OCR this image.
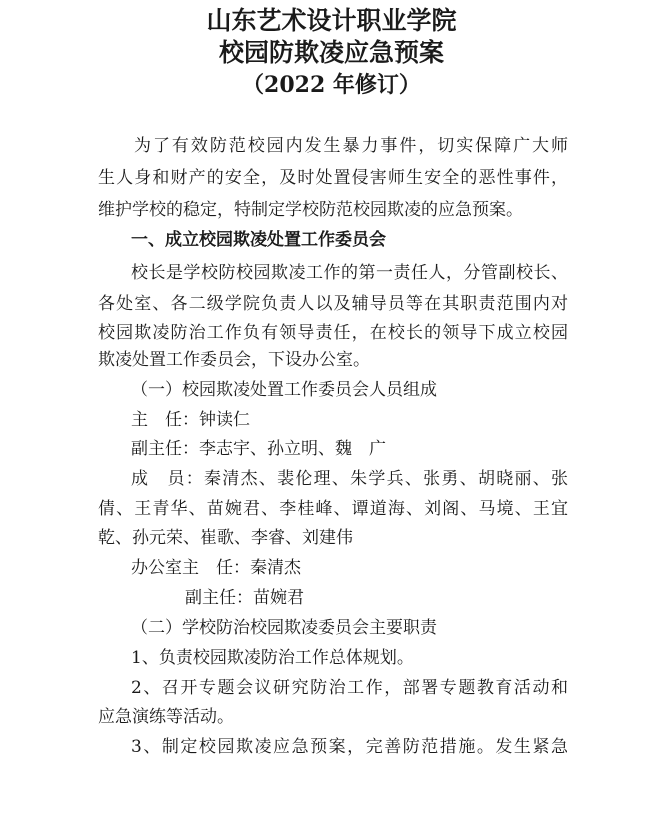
山东艺术设计职业学院
校园防欺凌应急预案
（2022 年修订）
为了有效防范校园内发生暴力事件，切实保障广大师
生人身和财产的安全，及时处置侵害师生安全的恶性事件，
维护学校的稳定，特制定学校防范校园欺凌的应急预案。
一、成立校园欺凌处置工作委员会
校长是学校防校园欺凌工作的第一责任人，分管副校长、
各处室、各二级学院负责人以及辅导员等在其职责范围内对
校园欺凌防治工作负有领导责任，在校长的领导下成立校园
欺凌处置工作委员会，下设办公室。
（一）校园欺凌处置工作委员会人员组成
主　任：钟读仁
副主任：李志宇、孙立明、魏　广
成　员：秦清杰、裴伦理、朱学兵、张勇、胡晓丽、张
倩、王青华、苗婉君、李桂峰、谭道海、刘阁、马境、王宜
乾、孙元荣、崔歌、李睿、刘建伟
办公室主　任：秦清杰
副主任：苗婉君
（二）学校防治校园欺凌委员会主要职责
1、负责校园欺凌防治工作总体规划。
2、召开专题会议研究防治工作，部署专题教育活动和
应急演练等活动。
3、制定校园欺凌应急预案，完善防范措施。发生紧急
